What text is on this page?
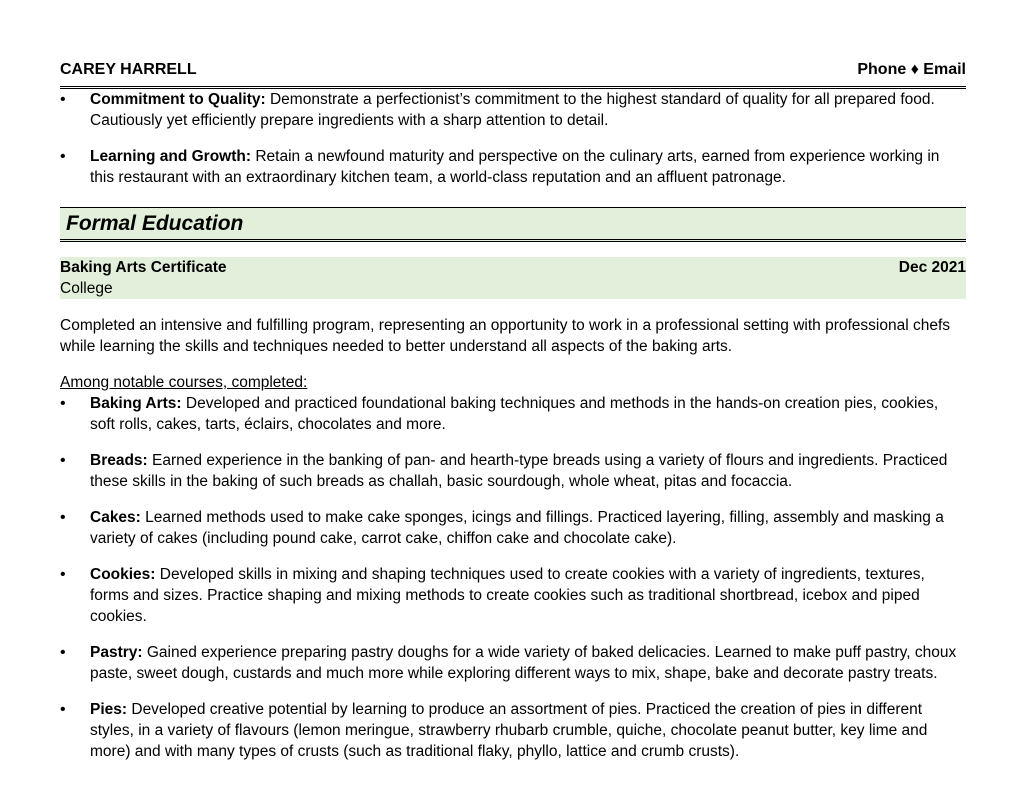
CAREY HARRELL	Phone ♦ Email
• Commitment to Quality: Demonstrate a perfectionist’s commitment to the highest standard of quality for all prepared food. Cautiously yet efficiently prepare ingredients with a sharp attention to detail.
• Learning and Growth: Retain a newfound maturity and perspective on the culinary arts, earned from experience working in this restaurant with an extraordinary kitchen team, a world-class reputation and an affluent patronage.
Formal Education
Baking Arts Certificate	Dec 2021
College
Completed an intensive and fulfilling program, representing an opportunity to work in a professional setting with professional chefs while learning the skills and techniques needed to better understand all aspects of the baking arts.
Among notable courses, completed:
• Baking Arts: Developed and practiced foundational baking techniques and methods in the hands-on creation pies, cookies, soft rolls, cakes, tarts, éclairs, chocolates and more.
• Breads: Earned experience in the banking of pan- and hearth-type breads using a variety of flours and ingredients. Practiced these skills in the baking of such breads as challah, basic sourdough, whole wheat, pitas and focaccia.
• Cakes: Learned methods used to make cake sponges, icings and fillings. Practiced layering, filling, assembly and masking a variety of cakes (including pound cake, carrot cake, chiffon cake and chocolate cake).
• Cookies: Developed skills in mixing and shaping techniques used to create cookies with a variety of ingredients, textures, forms and sizes. Practice shaping and mixing methods to create cookies such as traditional shortbread, icebox and piped cookies.
• Pastry: Gained experience preparing pastry doughs for a wide variety of baked delicacies. Learned to make puff pastry, choux paste, sweet dough, custards and much more while exploring different ways to mix, shape, bake and decorate pastry treats.
• Pies: Developed creative potential by learning to produce an assortment of pies. Practiced the creation of pies in different styles, in a variety of flavours (lemon meringue, strawberry rhubarb crumble, quiche, chocolate peanut butter, key lime and more) and with many types of crusts (such as traditional flaky, phyllo, lattice and crumb crusts).
